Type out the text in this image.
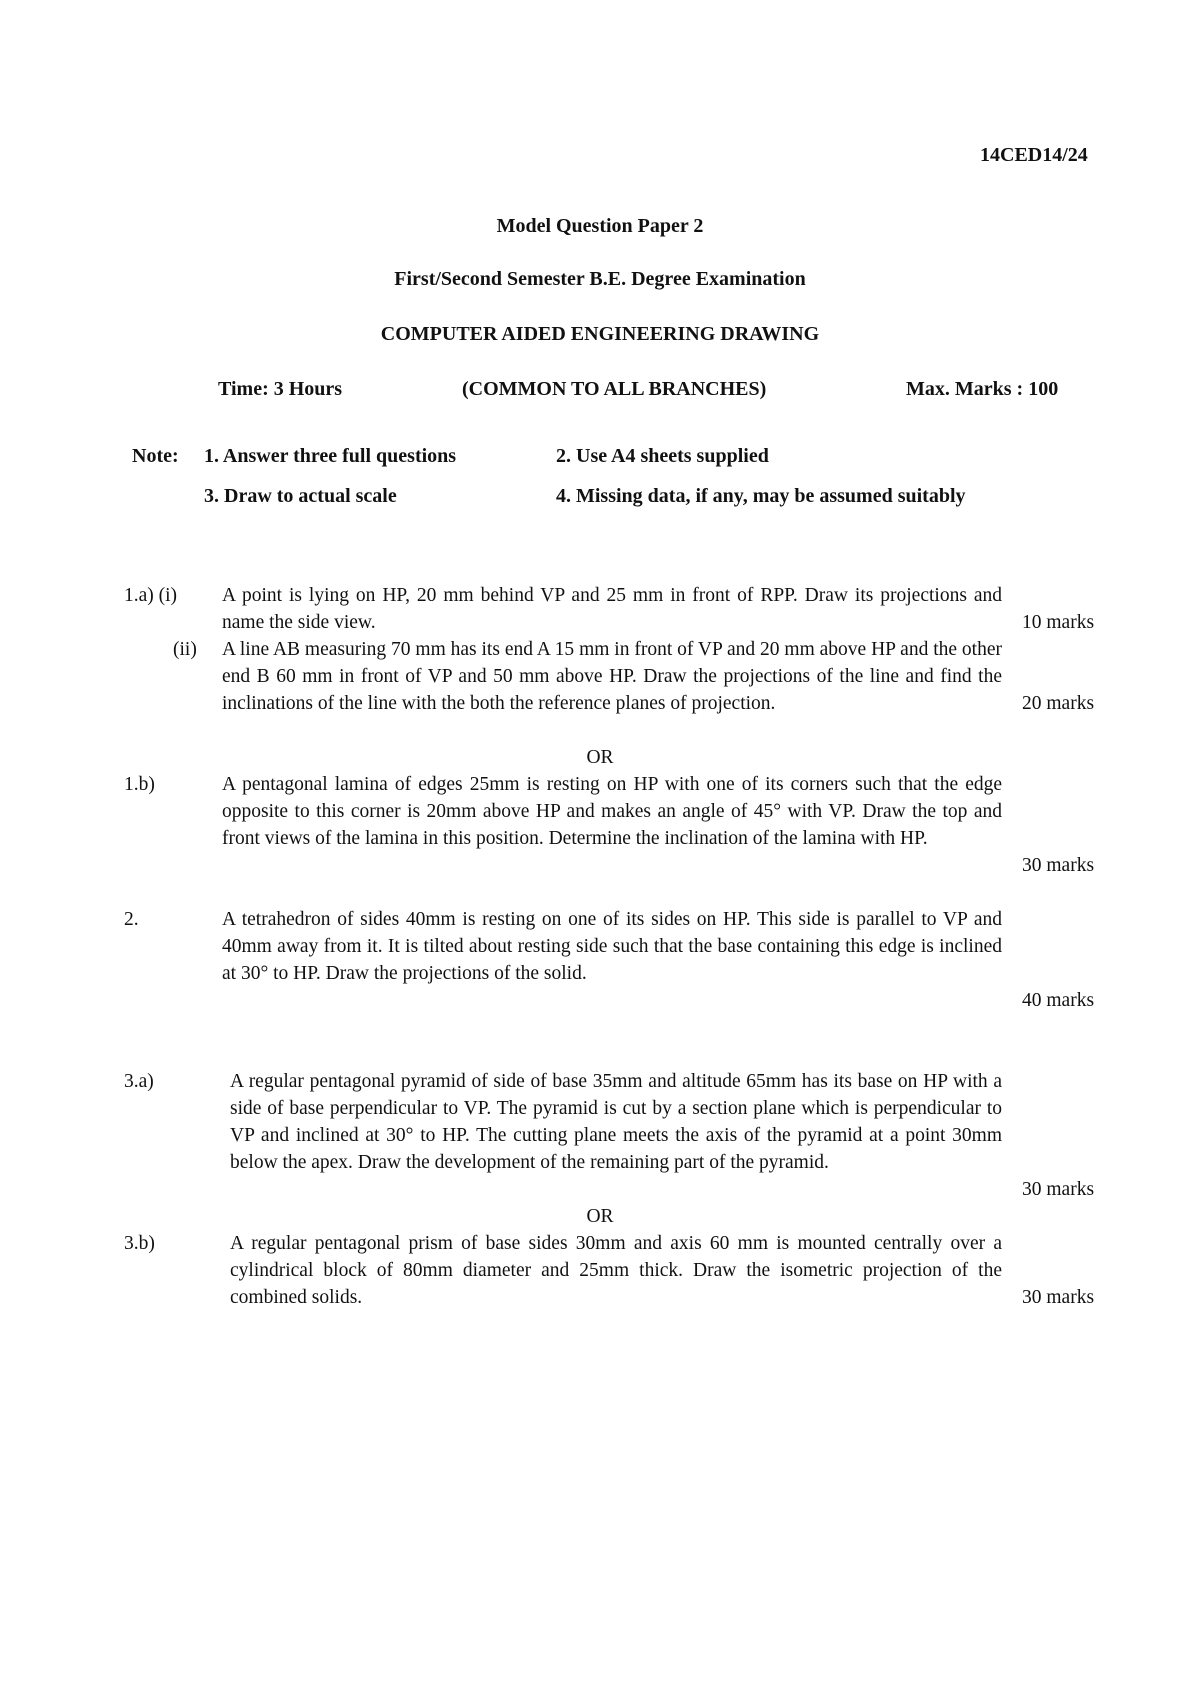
14CED14/24
Model Question Paper 2
First/Second Semester B.E. Degree Examination
COMPUTER AIDED ENGINEERING DRAWING
Time: 3 Hours	(COMMON TO ALL BRANCHES)	Max. Marks : 100
Note: 1. Answer three full questions	2. Use A4 sheets supplied
3. Draw to actual scale	4. Missing data, if any, may be assumed suitably
1.a) (i) A point is lying on HP, 20 mm behind VP and 25 mm in front of RPP. Draw its projections and name the side view.	10 marks
(ii) A line AB measuring 70 mm has its end A 15 mm in front of VP and 20 mm above HP and the other end B 60 mm in front of VP and 50 mm above HP. Draw the projections of the line and find the inclinations of the line with the both the reference planes of projection.	20 marks
OR
1.b)	A pentagonal lamina of edges 25mm is resting on HP with one of its corners such that the edge opposite to this corner is 20mm above HP and makes an angle of 45° with VP. Draw the top and front views of the lamina in this position. Determine the inclination of the lamina with HP.
30 marks
2.	A tetrahedron of sides 40mm is resting on one of its sides on HP. This side is parallel to VP and 40mm away from it. It is tilted about resting side such that the base containing this edge is inclined at 30° to HP. Draw the projections of the solid.
40 marks
3.a)	A regular pentagonal pyramid of side of base 35mm and altitude 65mm has its base on HP with a side of base perpendicular to VP. The pyramid is cut by a section plane which is perpendicular to VP and inclined at 30° to HP. The cutting plane meets the axis of the pyramid at a point 30mm below the apex. Draw the development of the remaining part of the pyramid.
30 marks
OR
3.b)	A regular pentagonal prism of base sides 30mm and axis 60 mm is mounted centrally over a cylindrical block of 80mm diameter and 25mm thick. Draw the isometric projection of the combined solids.	30 marks
